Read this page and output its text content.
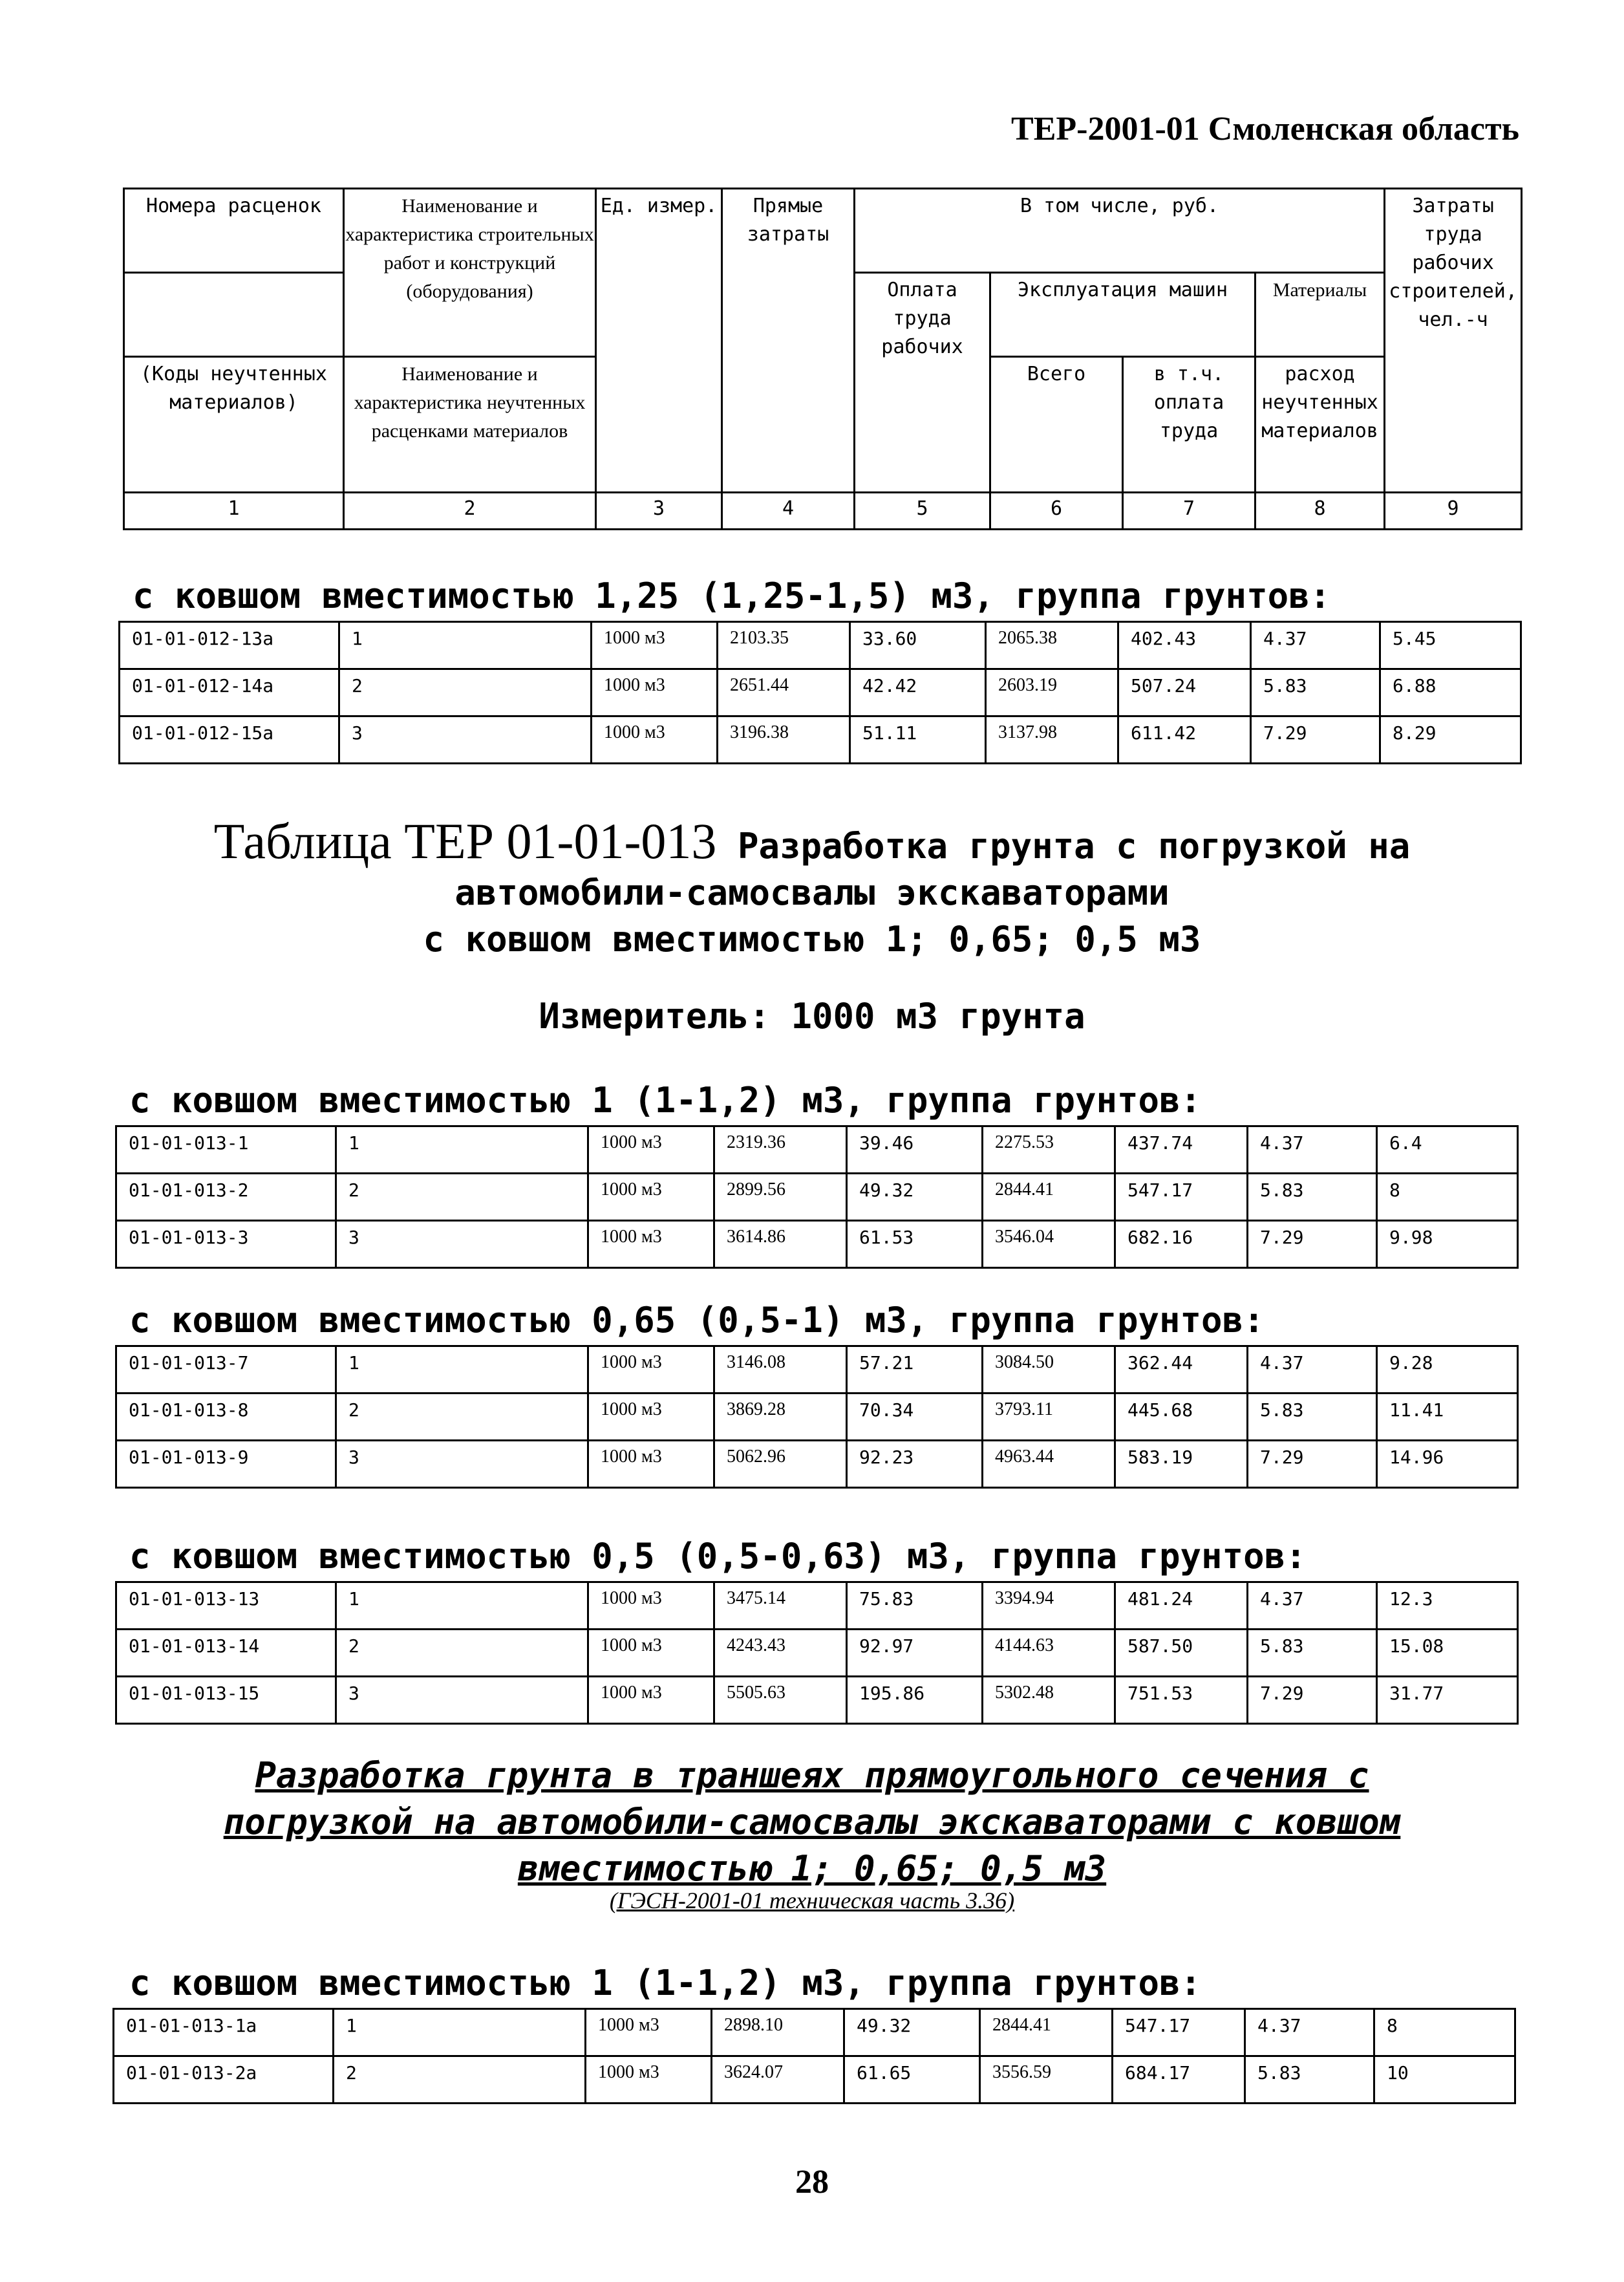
ТЕР-2001-01 Смоленская область
Номера расценок	Наименование и характеристика строительных работ и конструкций (оборудования)	Ед. измер.	Прямые затраты	В том числе, руб.				Затраты труда рабочих строителей, чел.-ч
				Оплата труда рабочих	Эксплуатация машин		Материалы	
(Коды неучтенных материалов)	Наименование и характеристика неучтенных расценками материалов				Всего	в т.ч. оплата труда	расход неучтенных материалов	
1	2	3	4	5	6	7	8	9
с ковшом вместимостью 1,25 (1,25-1,5) м3, группа грунтов:
01-01-012-13а	1	1000 м3	2103.35	33.60	2065.38	402.43	4.37	5.45
01-01-012-14а	2	1000 м3	2651.44	42.42	2603.19	507.24	5.83	6.88
01-01-012-15а	3	1000 м3	3196.38	51.11	3137.98	611.42	7.29	8.29
Таблица ТЕР 01-01-013 Разработка грунта с погрузкой на
автомобили-самосвалы экскаваторами
с ковшом вместимостью 1; 0,65; 0,5 м3
Измеритель: 1000 м3 грунта
с ковшом вместимостью 1 (1-1,2) м3, группа грунтов:
01-01-013-1	1	1000 м3	2319.36	39.46	2275.53	437.74	4.37	6.4
01-01-013-2	2	1000 м3	2899.56	49.32	2844.41	547.17	5.83	8
01-01-013-3	3	1000 м3	3614.86	61.53	3546.04	682.16	7.29	9.98
с ковшом вместимостью 0,65 (0,5-1) м3, группа грунтов:
01-01-013-7	1	1000 м3	3146.08	57.21	3084.50	362.44	4.37	9.28
01-01-013-8	2	1000 м3	3869.28	70.34	3793.11	445.68	5.83	11.41
01-01-013-9	3	1000 м3	5062.96	92.23	4963.44	583.19	7.29	14.96
с ковшом вместимостью 0,5 (0,5-0,63) м3, группа грунтов:
01-01-013-13	1	1000 м3	3475.14	75.83	3394.94	481.24	4.37	12.3
01-01-013-14	2	1000 м3	4243.43	92.97	4144.63	587.50	5.83	15.08
01-01-013-15	3	1000 м3	5505.63	195.86	5302.48	751.53	7.29	31.77
Разработка грунта в траншеях прямоугольного сечения с
погрузкой на автомобили-самосвалы экскаваторами с ковшом
вместимостью 1; 0,65; 0,5 м3
(ГЭСН-2001-01 техническая часть 3.36)
с ковшом вместимостью 1 (1-1,2) м3, группа грунтов:
01-01-013-1а	1	1000 м3	2898.10	49.32	2844.41	547.17	4.37	8
01-01-013-2а	2	1000 м3	3624.07	61.65	3556.59	684.17	5.83	10
28
